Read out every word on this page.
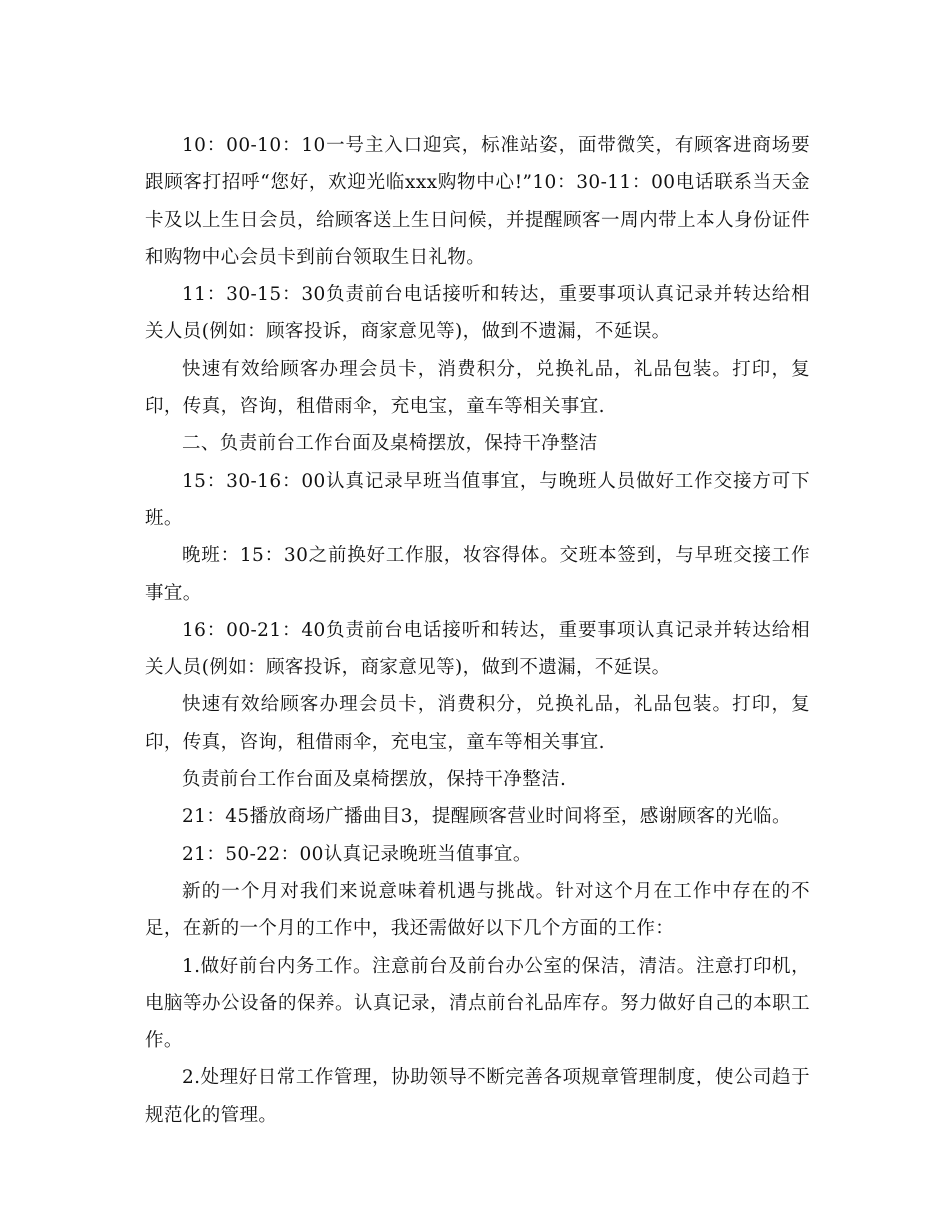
10：00-10：10一号主入口迎宾，标准站姿，面带微笑，有顾客进商场要跟顾客打招呼“您好，欢迎光临xxx购物中心!”10：30-11：00电话联系当天金卡及以上生日会员，给顾客送上生日问候，并提醒顾客一周内带上本人身份证件和购物中心会员卡到前台领取生日礼物。

11：30-15：30负责前台电话接听和转达，重要事项认真记录并转达给相关人员(例如：顾客投诉，商家意见等)，做到不遗漏，不延误。

快速有效给顾客办理会员卡，消费积分，兑换礼品，礼品包装。打印，复印，传真，咨询，租借雨伞，充电宝，童车等相关事宜.

二、负责前台工作台面及桌椅摆放，保持干净整洁

15：30-16：00认真记录早班当值事宜，与晚班人员做好工作交接方可下班。

晚班：15：30之前换好工作服，妆容得体。交班本签到，与早班交接工作事宜。

16：00-21：40负责前台电话接听和转达，重要事项认真记录并转达给相关人员(例如：顾客投诉，商家意见等)，做到不遗漏，不延误。

快速有效给顾客办理会员卡，消费积分，兑换礼品，礼品包装。打印，复印，传真，咨询，租借雨伞，充电宝，童车等相关事宜.

负责前台工作台面及桌椅摆放，保持干净整洁.

21：45播放商场广播曲目3，提醒顾客营业时间将至，感谢顾客的光临。

21：50-22：00认真记录晚班当值事宜。

新的一个月对我们来说意味着机遇与挑战。针对这个月在工作中存在的不足，在新的一个月的工作中，我还需做好以下几个方面的工作：

1.做好前台内务工作。注意前台及前台办公室的保洁，清洁。注意打印机，电脑等办公设备的保养。认真记录，清点前台礼品库存。努力做好自己的本职工作。

2.处理好日常工作管理，协助领导不断完善各项规章管理制度，使公司趋于规范化的管理。
